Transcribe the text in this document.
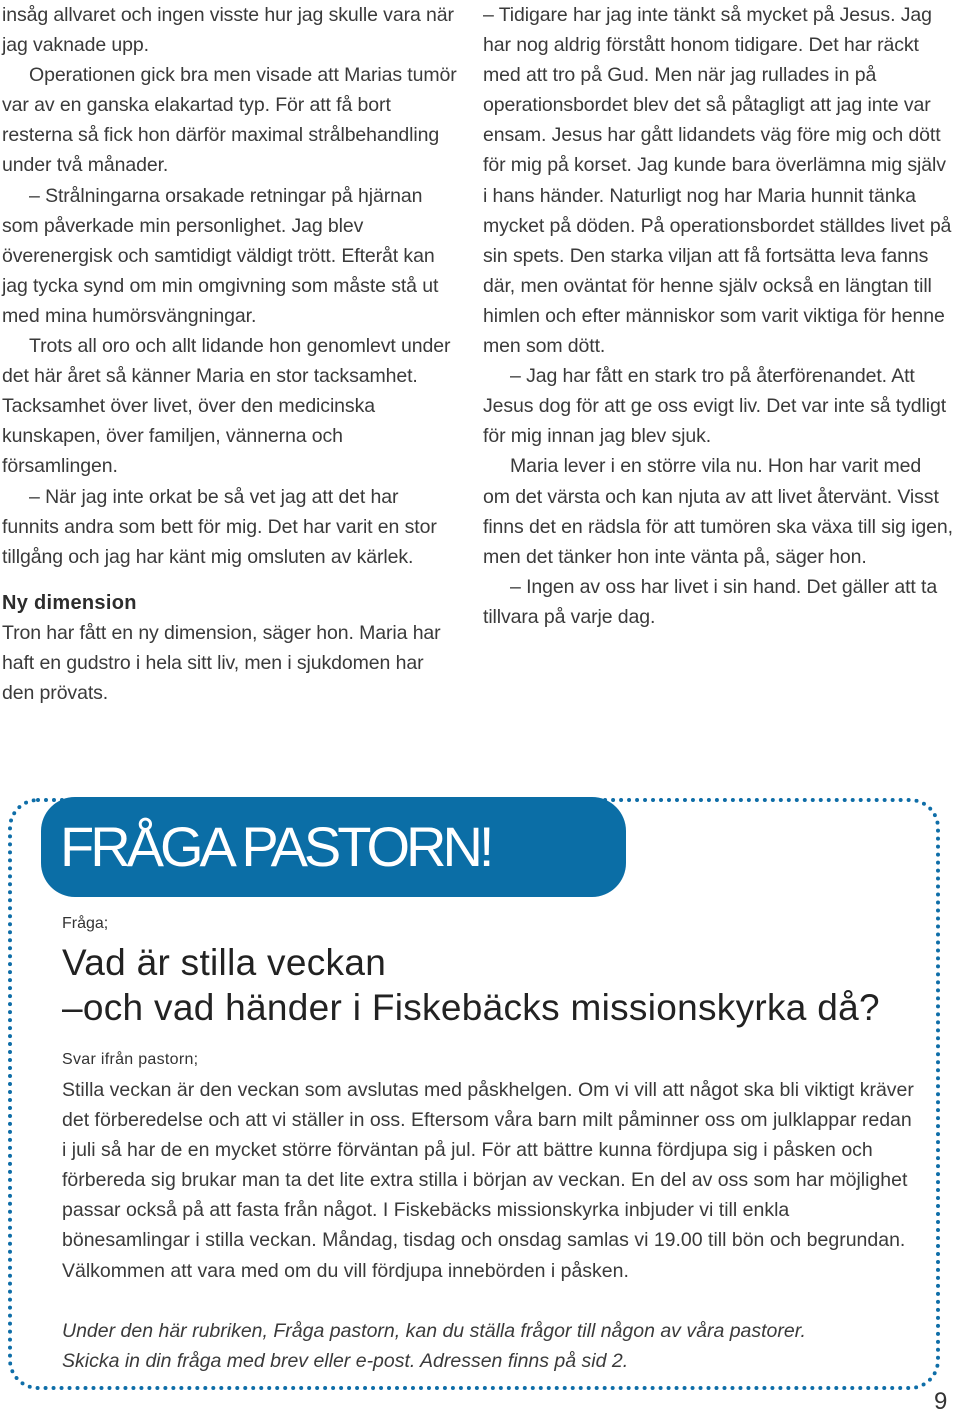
insåg allvaret och ingen visste hur jag skulle vara när jag vaknade upp.

Operationen gick bra men visade att Marias tumör var av en ganska elakartad typ. För att få bort resterna så fick hon därför maximal strålbehandling under två månader.

– Strålningarna orsakade retningar på hjärnan som påverkade min personlighet. Jag blev överenergisk och samtidigt väldigt trött. Efteråt kan jag tycka synd om min omgivning som måste stå ut med mina humörsvängningar.

Trots all oro och allt lidande hon genomlevt under det här året så känner Maria en stor tacksamhet. Tacksamhet över livet, över den medicinska kunskapen, över familjen, vännerna och församlingen.

– När jag inte orkat be så vet jag att det har funnits andra som bett för mig. Det har varit en stor tillgång och jag har känt mig omsluten av kärlek.

Ny dimension

Tron har fått en ny dimension, säger hon. Maria har haft en gudstro i hela sitt liv, men i sjukdomen har den prövats.

– Tidigare har jag inte tänkt så mycket på Jesus. Jag har nog aldrig förstått honom tidigare. Det har räckt med att tro på Gud. Men när jag rullades in på operationsbordet blev det så påtagligt att jag inte var ensam. Jesus har gått lidandets väg före mig och dött för mig på korset. Jag kunde bara överlämna mig själv i hans händer. Naturligt nog har Maria hunnit tänka mycket på döden. På operationsbordet ställdes livet på sin spets. Den starka viljan att få fortsätta leva fanns där, men oväntat för henne själv också en längtan till himlen och efter människor som varit viktiga för henne men som dött.

– Jag har fått en stark tro på återförenandet. Att Jesus dog för att ge oss evigt liv. Det var inte så tydligt för mig innan jag blev sjuk.

Maria lever i en större vila nu. Hon har varit med om det värsta och kan njuta av att livet återvänt. Visst finns det en rädsla för att tumören ska växa till sig igen, men det tänker hon inte vänta på, säger hon.

– Ingen av oss har livet i sin hand. Det gäller att ta tillvara på varje dag.

FRÅGA PASTORN!
Fråga;
Vad är stilla veckan
–och vad händer i Fiskebäcks missionskyrka då?
Svar ifrån pastorn;
Stilla veckan är den veckan som avslutas med påskhelgen. Om vi vill att något ska bli viktigt kräver det förberedelse och att vi ställer in oss. Eftersom våra barn milt påminner oss om julklappar redan i juli så har de en mycket större förväntan på jul. För att bättre kunna fördjupa sig i påsken och förbereda sig brukar man ta det lite extra stilla i början av veckan. En del av oss som har möjlighet passar också på att fasta från något. I Fiskebäcks missionskyrka inbjuder vi till enkla bönesamlingar i stilla veckan. Måndag, tisdag och onsdag samlas vi 19.00 till bön och begrundan. Välkommen att vara med om du vill fördjupa innebörden i påsken.
Under den här rubriken, Fråga pastorn, kan du ställa frågor till någon av våra pastorer. Skicka in din fråga med brev eller e-post. Adressen finns på sid 2.
9
